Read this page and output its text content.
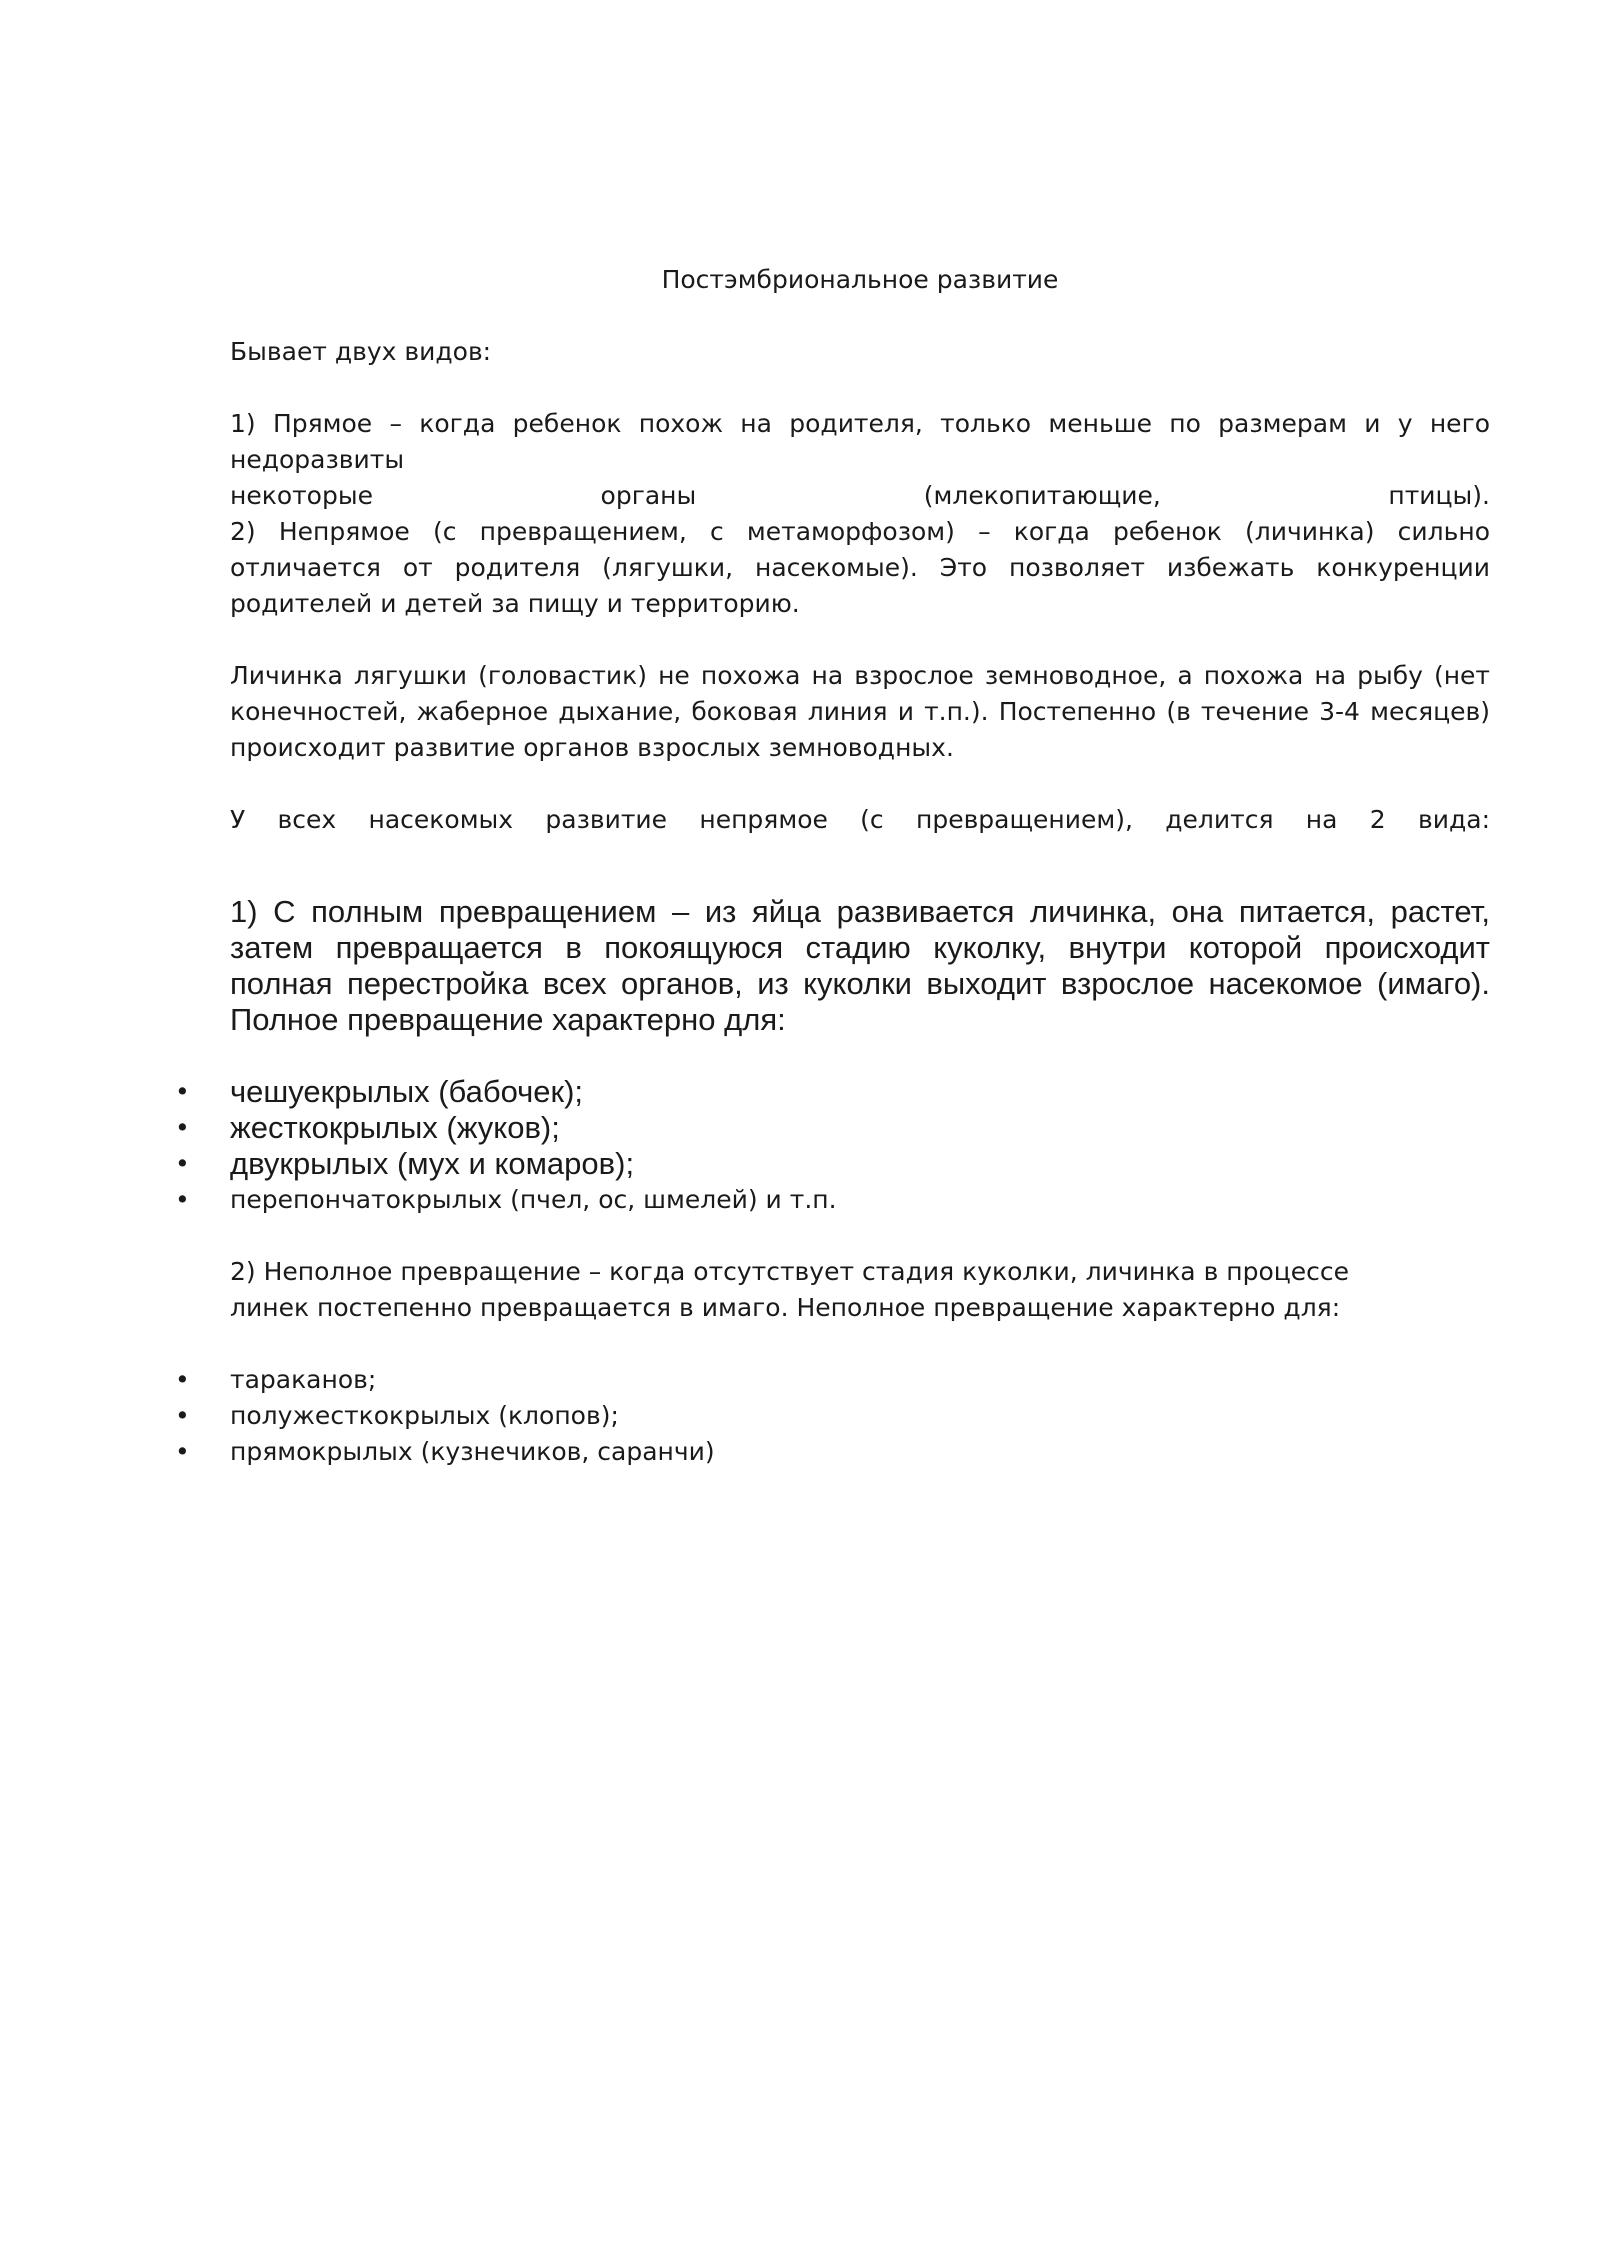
Постэмбриональное развитие

Бывает двух видов:

1) Прямое – когда ребенок похож на родителя, только меньше по размерам и у него недоразвиты

некоторые органы (млекопитающие, птицы).

2) Непрямое (с превращением, с метаморфозом) – когда ребенок (личинка) сильно отличается от родителя (лягушки, насекомые). Это позволяет избежать конкуренции родителей и детей за пищу и территорию.

Личинка лягушки (головастик) не похожа на взрослое земноводное, а похожа на рыбу (нет конечностей, жаберное дыхание, боковая линия и т.п.). Постепенно (в течение 3-4 месяцев) происходит развитие органов взрослых земноводных.

У всех насекомых развитие непрямое (с превращением), делится на 2 вида:

1) С полным превращением – из яйца развивается личинка, она питается, растет, затем превращается в покоящуюся стадию куколку, внутри которой происходит полная перестройка всех органов, из куколки выходит взрослое насекомое (имаго). Полное превращение характерно для:

• чешуекрылых (бабочек);
• жесткокрылых (жуков);
• двукрылых (мух и комаров);
• перепончатокрылых (пчел, ос, шмелей) и т.п.

2) Неполное превращение – когда отсутствует стадия куколки, личинка в процессе линек постепенно превращается в имаго. Неполное превращение характерно для:

• тараканов;
• полужесткокрылых (клопов);
• прямокрылых (кузнечиков, саранчи)
